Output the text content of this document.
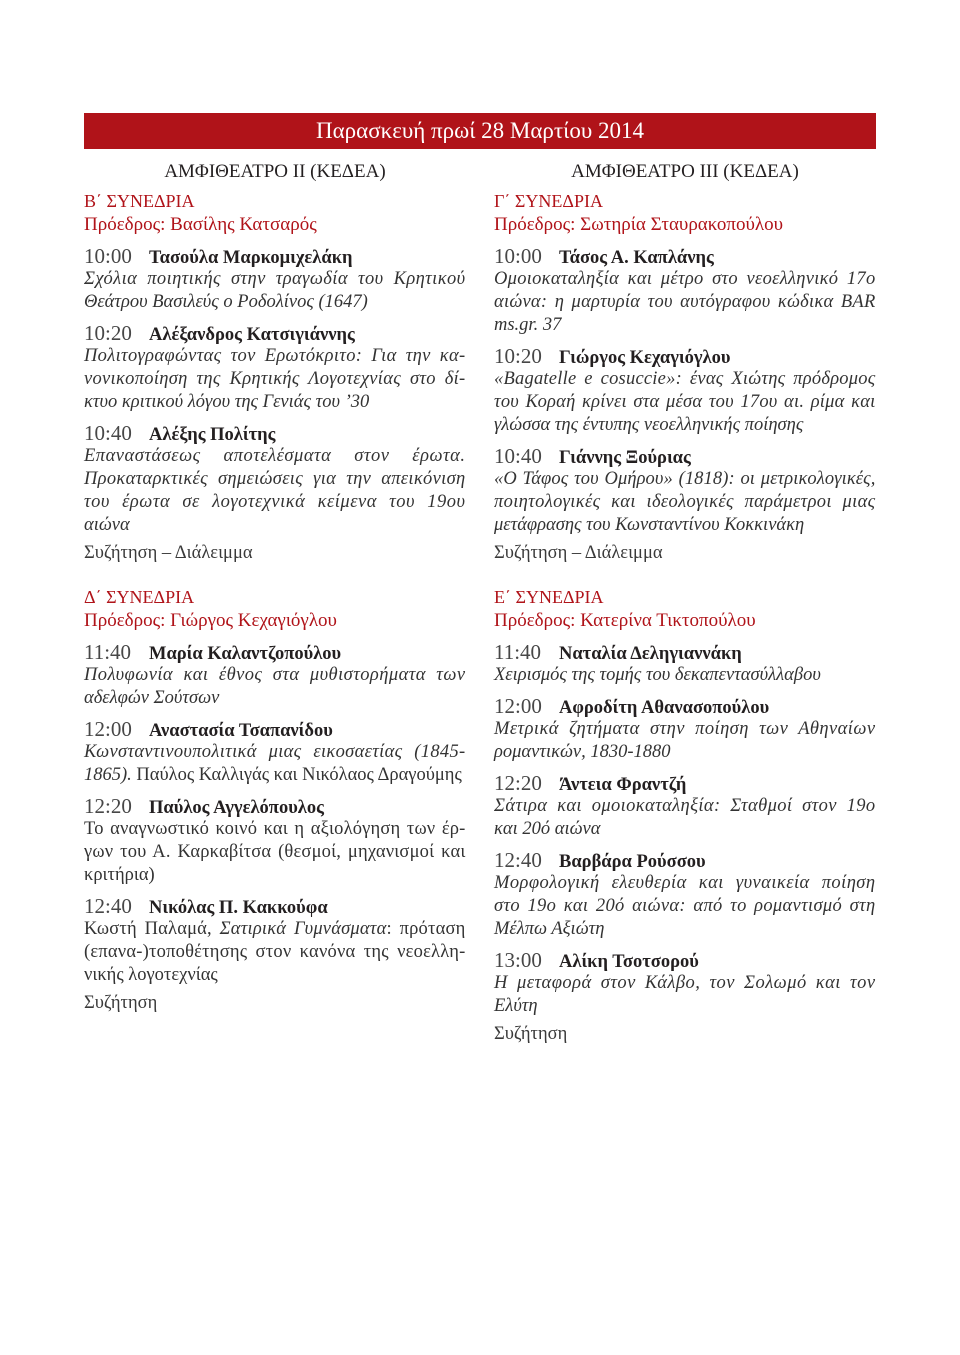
Παρασκευή πρωί 28 Μαρτίου 2014
ΑΜΦΙΘΕΑΤΡΟ ΙΙ (ΚΕΔΕΑ)
Β΄ ΣΥΝΕΔΡΙΑ
Πρόεδρος: Βασίλης Κατσαρός
10:00 Τασούλα Μαρκομιχελάκη
Σχόλια ποιητικής στην τραγωδία του Κρητικού
Θεάτρου Βασιλεύς ο Ροδολίνος (1647)
10:20 Αλέξανδρος Κατσιγιάννης
Πολιτογραφώντας τον Ερωτόκριτο: Για την κα-
νονικοποίηση της Κρητικής Λογοτεχνίας στο δί-
κτυο κριτικού λόγου της Γενιάς του ’30
10:40 Αλέξης Πολίτης
Επαναστάσεως αποτελέσματα στον έρωτα.
Προκαταρκτικές σημειώσεις για την απεικόνιση
του έρωτα σε λογοτεχνικά κείμενα του 19ου
αιώνα
Συζήτηση – Διάλειμμα
Δ΄ ΣΥΝΕΔΡΙΑ
Πρόεδρος: Γιώργος Κεχαγιόγλου
11:40 Μαρία Καλαντζοπούλου
Πολυφωνία και έθνος στα μυθιστορήματα των
αδελφών Σούτσων
12:00 Αναστασία Τσαπανίδου
Κωνσταντινουπολιτικά μιας εικοσαετίας (1845-
1865). Παύλος Καλλιγάς και Νικόλαος Δραγούμης
12:20 Παύλος Αγγελόπουλος
Το αναγνωστικό κοινό και η αξιολόγηση των έρ-
γων του Α. Καρκαβίτσα (θεσμοί, μηχανισμοί και
κριτήρια)
12:40 Νικόλας Π. Κακκούφα
Κωστή Παλαμά, Σατιρικά Γυμνάσματα: πρόταση
(επανα-)τοποθέτησης στον κανόνα της νεοελλη-
νικής λογοτεχνίας
Συζήτηση
ΑΜΦΙΘΕΑΤΡΟ ΙΙΙ (ΚΕΔΕΑ)
Γ΄ ΣΥΝΕΔΡΙΑ
Πρόεδρος: Σωτηρία Σταυρακοπούλου
10:00 Τάσος Α. Καπλάνης
Ομοιοκαταληξία και μέτρο στο νεοελληνικό 17ο
αιώνα: η μαρτυρία του αυτόγραφου κώδικα BAR
ms.gr. 37
10:20 Γιώργος Κεχαγιόγλου
«Bagatelle e cosuccie»: ένας Χιώτης πρόδρομος
του Κοραή κρίνει στα μέσα του 17ου αι. ρίμα και
γλώσσα της έντυπης νεοελληνικής ποίησης
10:40 Γιάννης Ξούριας
«Ο Τάφος του Ομήρου» (1818): οι μετρικολογικές,
ποιητολογικές και ιδεολογικές παράμετροι μιας
μετάφρασης του Κωνσταντίνου Κοκκινάκη
Συζήτηση – Διάλειμμα
Ε΄ ΣΥΝΕΔΡΙΑ
Πρόεδρος: Κατερίνα Τικτοπούλου
11:40 Ναταλία Δεληγιαννάκη
Χειρισμός της τομής του δεκαπεντασύλλαβου
12:00 Αφροδίτη Αθανασοπούλου
Μετρικά ζητήματα στην ποίηση των Αθηναίων
ρομαντικών, 1830-1880
12:20 Άντεια Φραντζή
Σάτιρα και ομοιοκαταληξία: Σταθμοί στον 19ο
και 20ό αιώνα
12:40 Βαρβάρα Ρούσσου
Μορφολογική ελευθερία και γυναικεία ποίηση
στο 19ο και 20ό αιώνα: από το ρομαντισμό στη
Μέλπω Αξιώτη
13:00 Αλίκη Τσοτσορού
Η μεταφορά στον Κάλβο, τον Σολωμό και τον
Ελύτη
Συζήτηση
